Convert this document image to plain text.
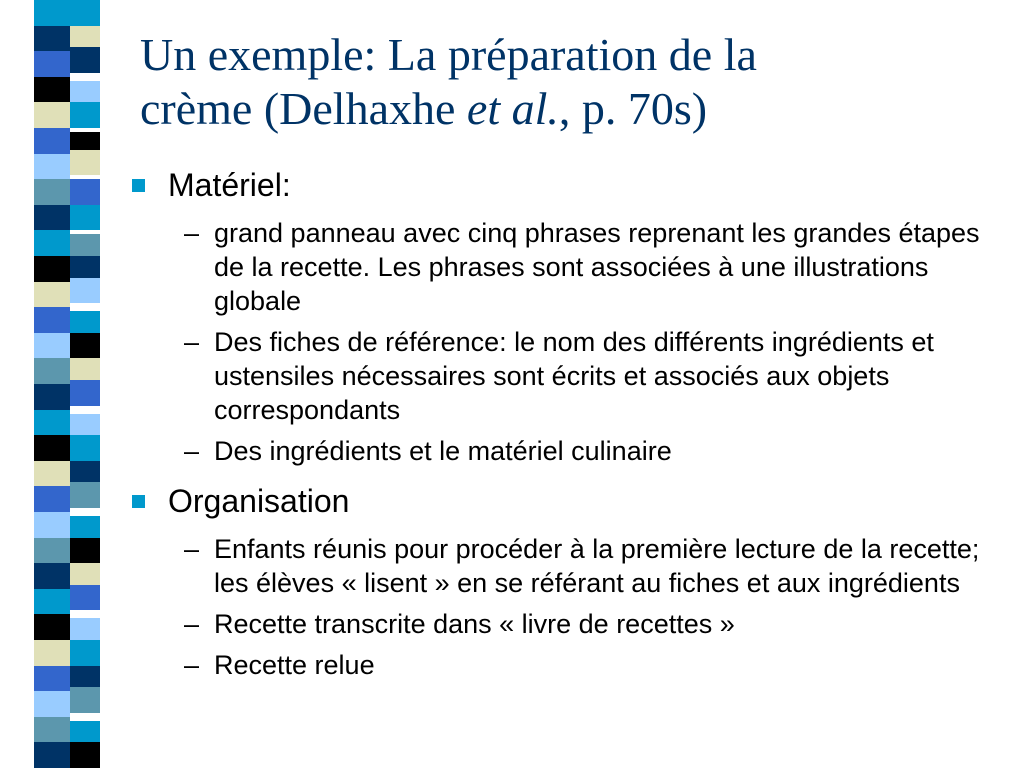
Un exemple: La préparation de la
crème (Delhaxhe et al., p. 70s)
Matériel:
– grand panneau avec cinq phrases reprenant les grandes étapes de la recette. Les phrases sont associées à une illustrations globale
– Des fiches de référence: le nom des différents ingrédients et ustensiles nécessaires sont écrits et associés aux objets correspondants
– Des ingrédients et le matériel culinaire
Organisation
– Enfants réunis pour procéder à la première lecture de la recette; les élèves « lisent » en se référant au fiches et aux ingrédients
– Recette transcrite dans « livre de recettes »
– Recette relue
